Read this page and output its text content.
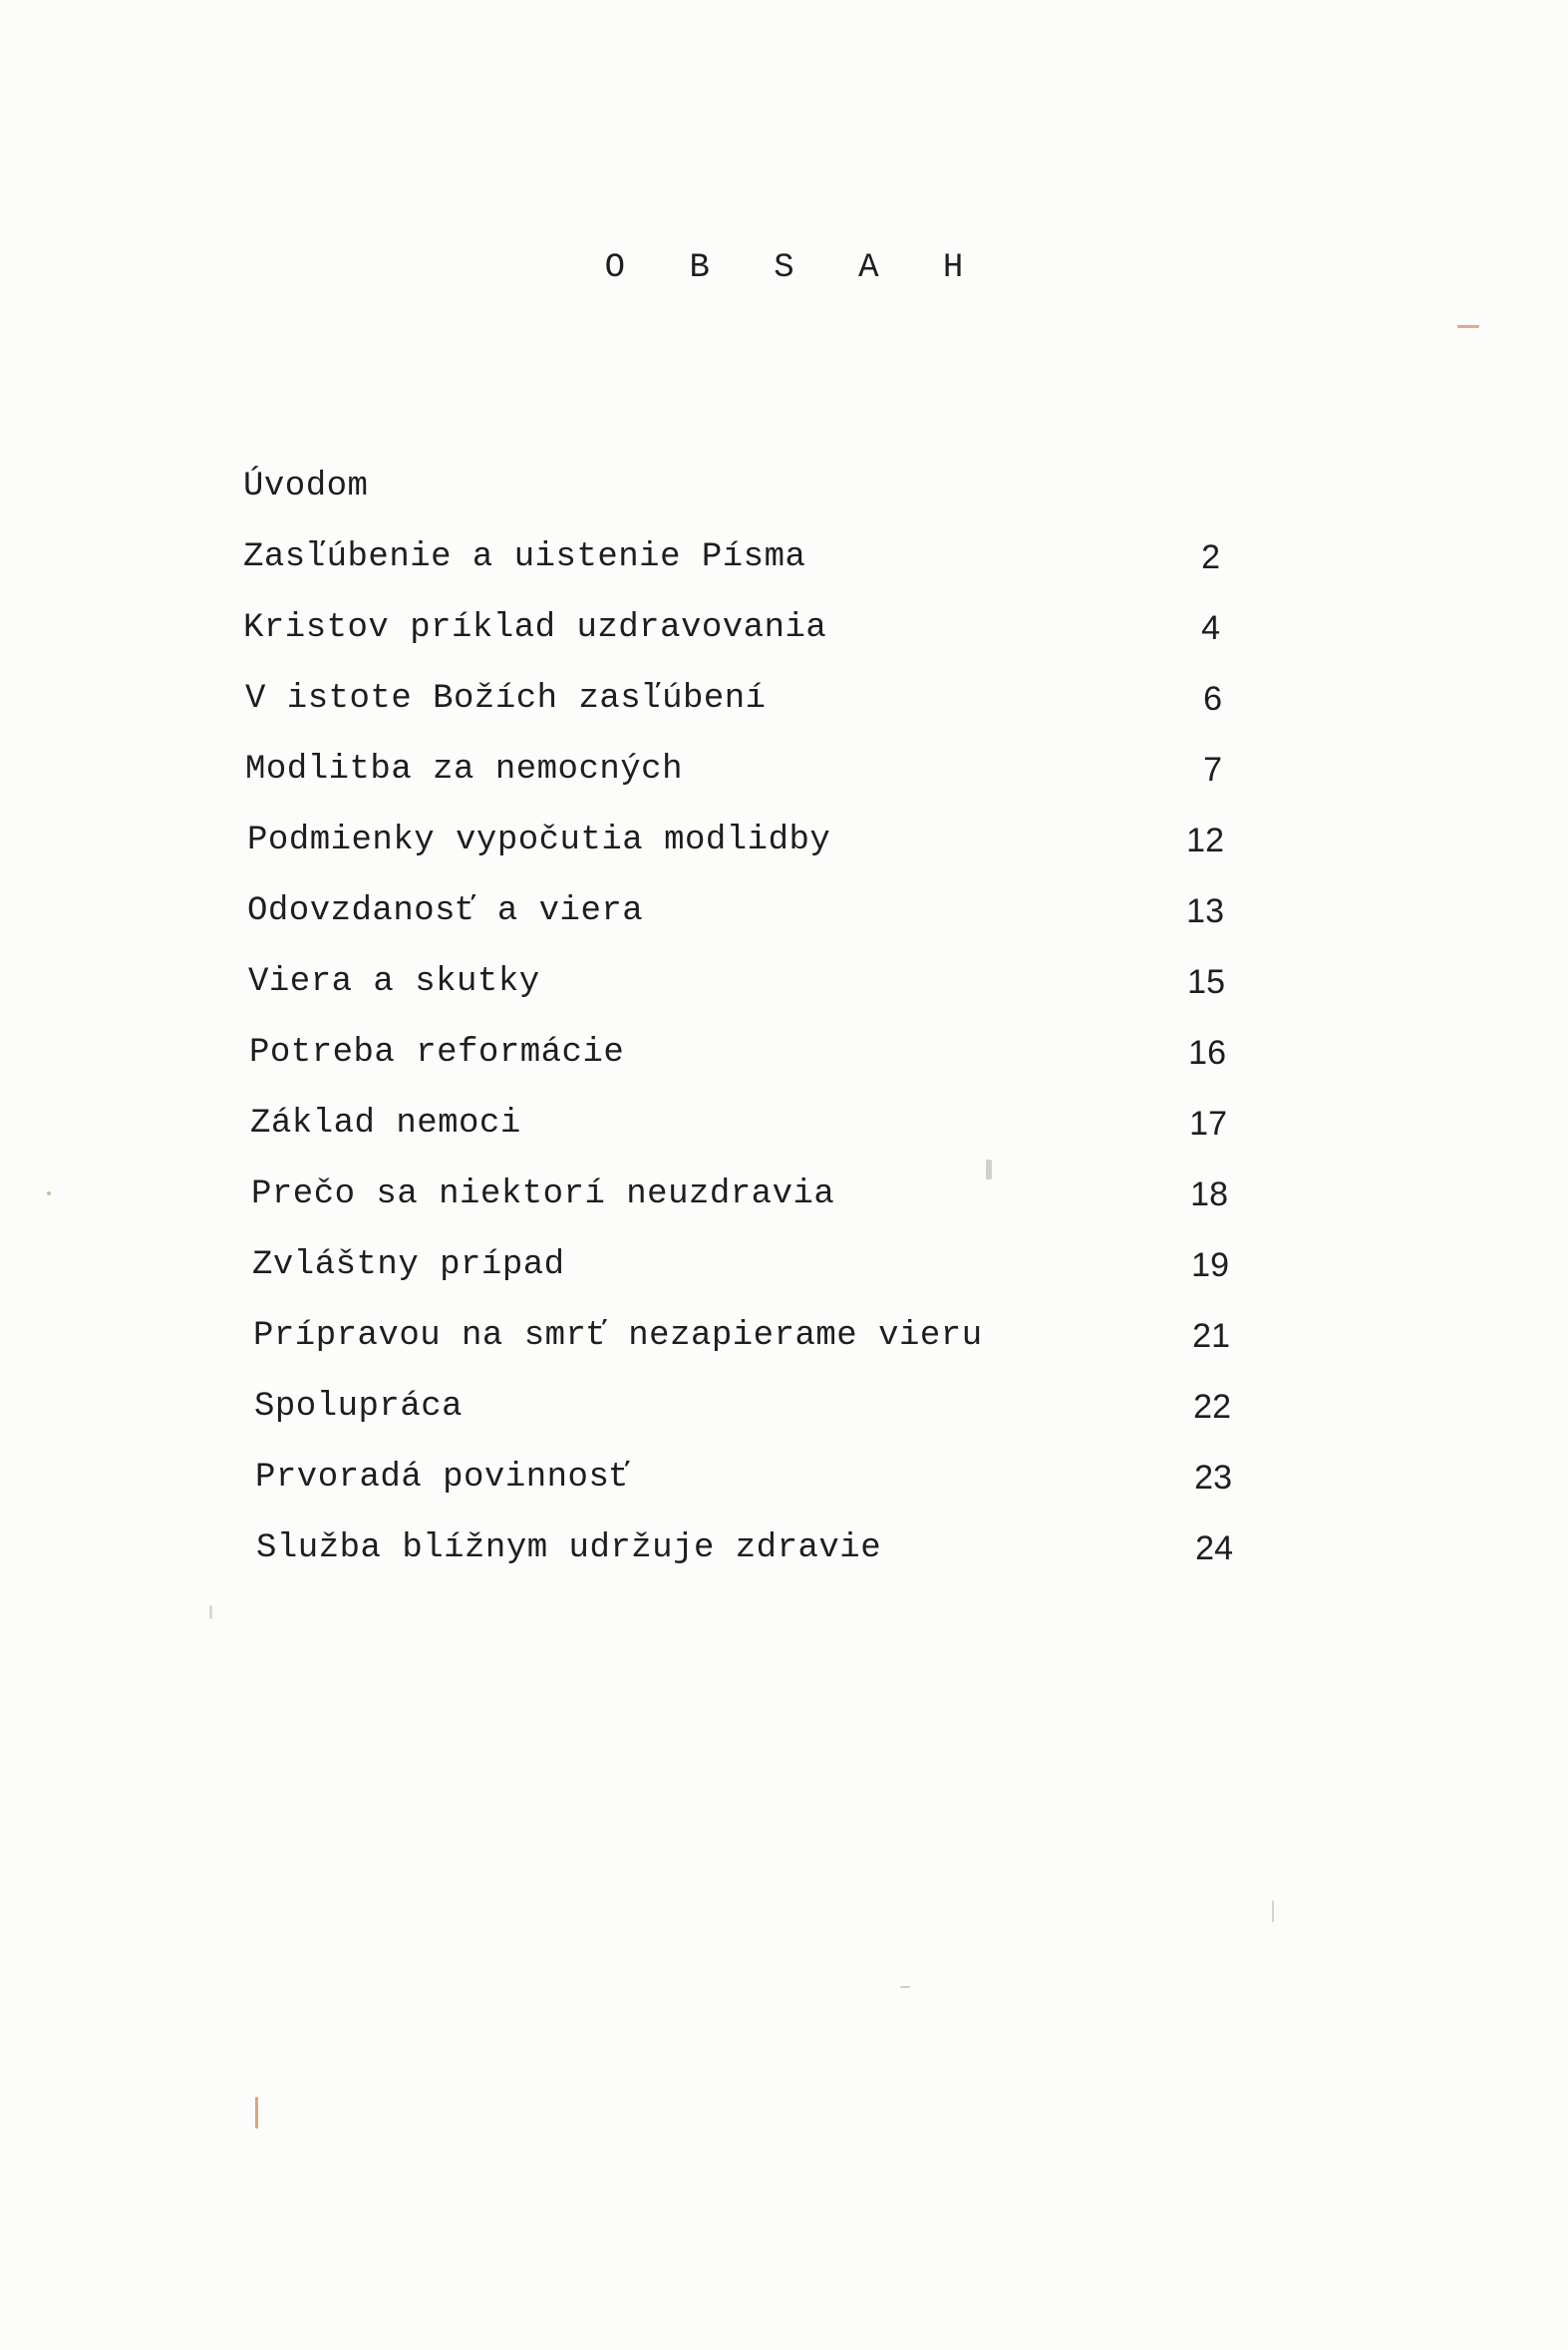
O B S A H
Úvodom
Zasľúbenie a uistenie Písma	2
Kristov príklad uzdravovania	4
V istote Božích zasľúbení	6
Modlitba za nemocných	7
Podmienky vypočutia modlidby	12
Odovzdanosť a viera	13
Viera a skutky	15
Potreba reformácie	16
Základ nemoci	17
Prečo sa niektorí neuzdravia	18
Zvláštny prípad	19
Prípravou na smrť nezapierame vieru	21
Spolupráca	22
Prvoradá povinnosť	23
Služba blížnym udržuje zdravie	24
